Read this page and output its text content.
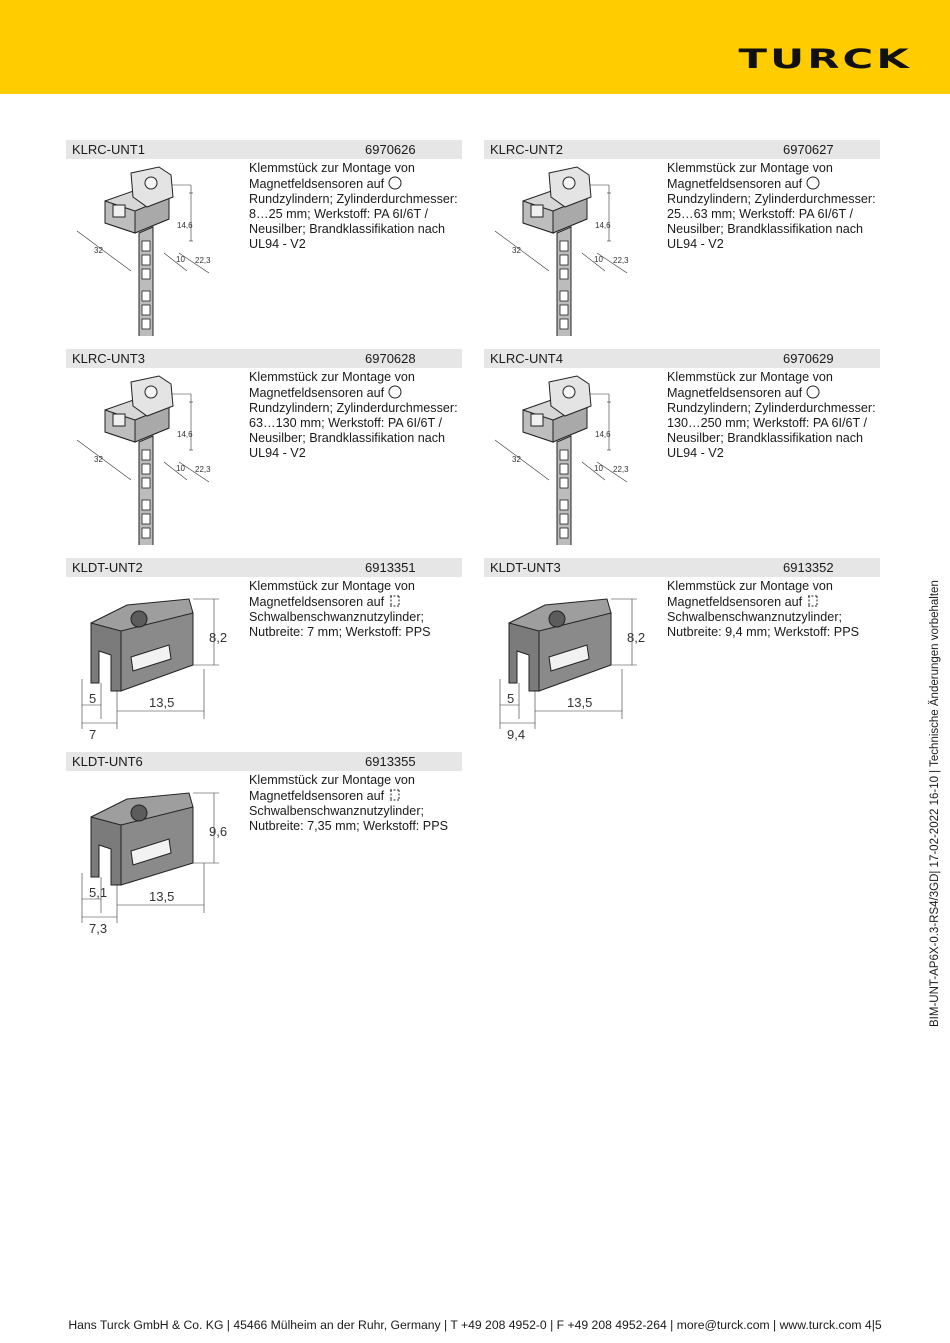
TURCK
KLRC-UNT1	6970626
14,6
32
10 22,3
Klemmstück zur Montage von Magnetfeldsensoren auf  Rundzylindern; Zylinderdurchmesser: 8…25 mm; Werkstoff: PA 6I/6T / Neusilber; Brandklassifikation nach UL94 - V2
KLRC-UNT2	6970627
14,6
32
10 22,3
Klemmstück zur Montage von Magnetfeldsensoren auf  Rundzylindern; Zylinderdurchmesser: 25…63 mm; Werkstoff: PA 6I/6T / Neusilber; Brandklassifikation nach UL94 - V2
KLRC-UNT3	6970628
14,6
32
10 22,3
Klemmstück zur Montage von Magnetfeldsensoren auf  Rundzylindern; Zylinderdurchmesser: 63…130 mm; Werkstoff: PA 6I/6T / Neusilber; Brandklassifikation nach UL94 - V2
KLRC-UNT4	6970629
14,6
32
10 22,3
Klemmstück zur Montage von Magnetfeldsensoren auf  Rundzylindern; Zylinderdurchmesser: 130…250 mm; Werkstoff: PA 6I/6T / Neusilber; Brandklassifikation nach UL94 - V2
KLDT-UNT2	6913351
8,2
5
7
13,5
Klemmstück zur Montage von Magnetfeldsensoren auf  Schwalbenschwanznutzylinder; Nutbreite: 7 mm; Werkstoff: PPS
KLDT-UNT3	6913352
8,2
5
9,4
13,5
Klemmstück zur Montage von Magnetfeldsensoren auf  Schwalbenschwanznutzylinder; Nutbreite: 9,4 mm; Werkstoff: PPS
KLDT-UNT6	6913355
9,6
5,1
7,3
13,5
Klemmstück zur Montage von Magnetfeldsensoren auf  Schwalbenschwanznutzylinder; Nutbreite: 7,35 mm; Werkstoff: PPS	BIM-UNT-AP6X-0.3-RS4/3GD| 17-02-2022 16-10 | Technische Änderungen vorbehalten
Hans Turck GmbH & Co. KG | 45466 Mülheim an der Ruhr, Germany | T +49 208 4952-0 | F +49 208 4952-264 | more@turck.com | www.turck.com 4|5
